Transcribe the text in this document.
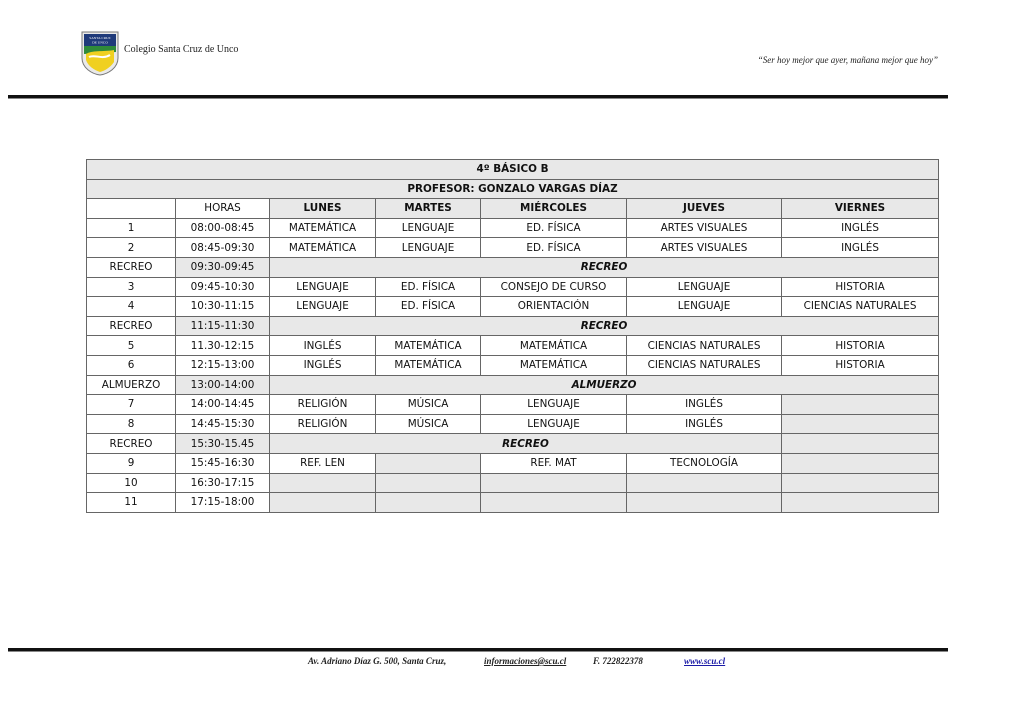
SANTA CRUZ
DE UNCO
Colegio Santa Cruz de Unco
“Ser hoy mejor que ayer, mañana mejor que hoy”
4º BÁSICO B						
PROFESOR: GONZALO VARGAS DÍAZ						
	HORAS	LUNES	MARTES	MIÉRCOLES	JUEVES	VIERNES
1	08:00-08:45	MATEMÁTICA	LENGUAJE	ED. FÍSICA	ARTES VISUALES	INGLÉS
2	08:45-09:30	MATEMÁTICA	LENGUAJE	ED. FÍSICA	ARTES VISUALES	INGLÉS
RECREO	09:30-09:45	RECREO				
3	09:45-10:30	LENGUAJE	ED. FÍSICA	CONSEJO DE CURSO	LENGUAJE	HISTORIA
4	10:30-11:15	LENGUAJE	ED. FÍSICA	ORIENTACIÓN	LENGUAJE	CIENCIAS NATURALES
RECREO	11:15-11:30	RECREO				
5	11.30-12:15	INGLÉS	MATEMÁTICA	MATEMÁTICA	CIENCIAS NATURALES	HISTORIA
6	12:15-13:00	INGLÉS	MATEMÁTICA	MATEMÁTICA	CIENCIAS NATURALES	HISTORIA
ALMUERZO	13:00-14:00	ALMUERZO				
7	14:00-14:45	RELIGIÓN	MÚSICA	LENGUAJE	INGLÉS	
8	14:45-15:30	RELIGIÓN	MÚSICA	LENGUAJE	INGLÉS	
RECREO	15:30-15.45	RECREO				
9	15:45-16:30	REF. LEN		REF. MAT	TECNOLOGÍA	
10	16:30-17:15					
11	17:15-18:00					
Av. Adriano Díaz G. 500, Santa Cruz,	informaciones@scu.cl	F. 722822378	www.scu.cl
